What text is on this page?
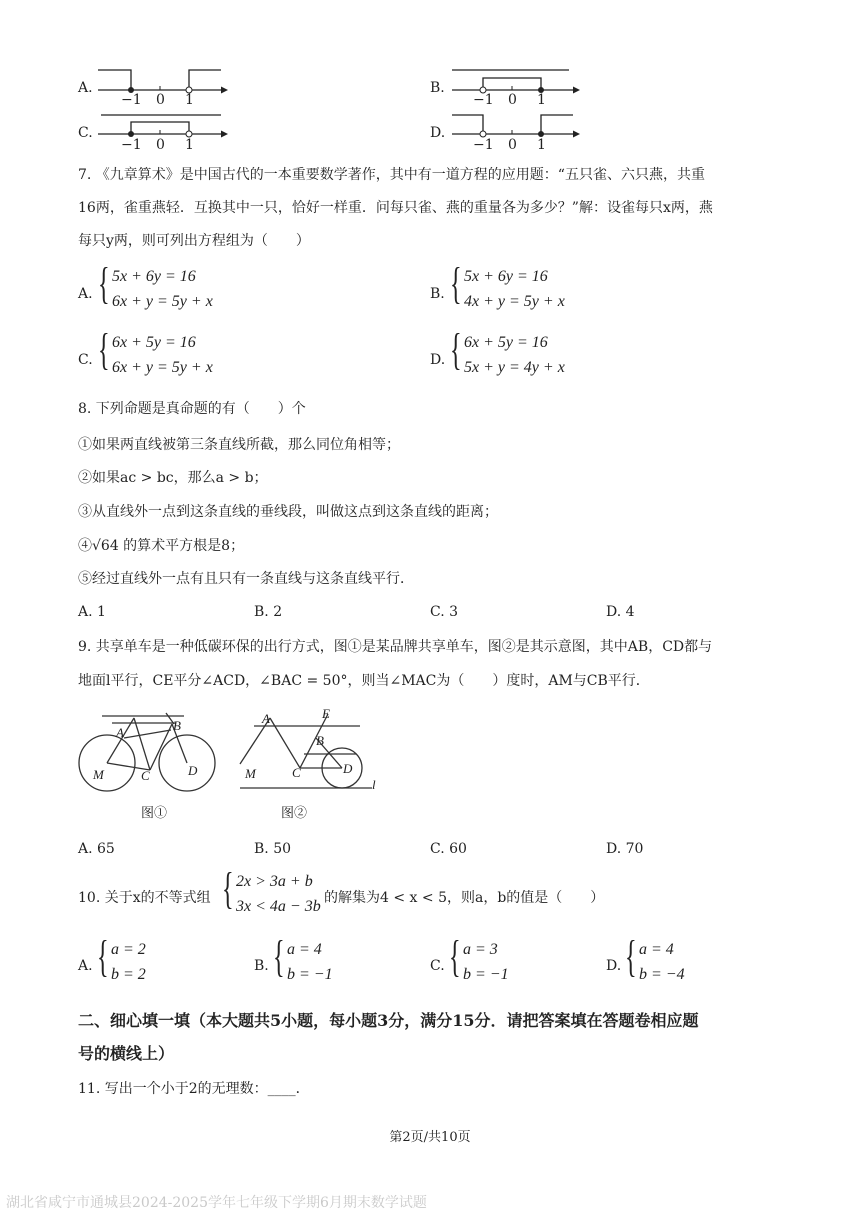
A.
−1 0 1
B.
−1 0 1
C.
−1 0 1
D.
−1 0 1
7. 《九章算术》是中国古代的一本重要数学著作，其中有一道方程的应用题：“五只雀、六只燕，共重
16两，雀重燕轻．互换其中一只，恰好一样重．问每只雀、燕的重量各为多少？”解：设雀每只x两，燕
每只y两，则可列出方程组为（　　）
A. { 5x + 6y = 16
6x + y = 5y + x	B. { 5x + 6y = 16
4x + y = 5y + x
C. { 6x + 5y = 16
6x + y = 5y + x	D. { 6x + 5y = 16
5x + y = 4y + x
8. 下列命题是真命题的有（　　）个
①如果两直线被第三条直线所截，那么同位角相等；
②如果ac > bc，那么a > b；
③从直线外一点到这条直线的垂线段，叫做这点到这条直线的距离；
④√64 的算术平方根是8；
⑤经过直线外一点有且只有一条直线与这条直线平行．
A. 1	B. 2	C. 3	D. 4
9. 共享单车是一种低碳环保的出行方式，图①是某品牌共享单车，图②是其示意图，其中AB，CD都与
地面l平行，CE平分∠ACD，∠BAC = 50°，则当∠MAC为（　　）度时，AM与CB平行．
A	B
C	D
M
图①
A	E
B
C	D
M
l
图②
A. 65	B. 50	C. 60	D. 70
10. 关于x的不等式组 { 2x > 3a + b
3x < 4a − 3b 的解集为4 < x < 5，则a，b的值是（　　）
A. { a = 2
b = 2	B. { a = 4
b = −1	C. { a = 3
b = −1	D. { a = 4
b = −4
二、细心填一填（本大题共5小题，每小题3分，满分15分．请把答案填在答题卷相应题
号的横线上）
11. 写出一个小于2的无理数：____．
第2页/共10页
湖北省咸宁市通城县2024-2025学年七年级下学期6月期末数学试题
